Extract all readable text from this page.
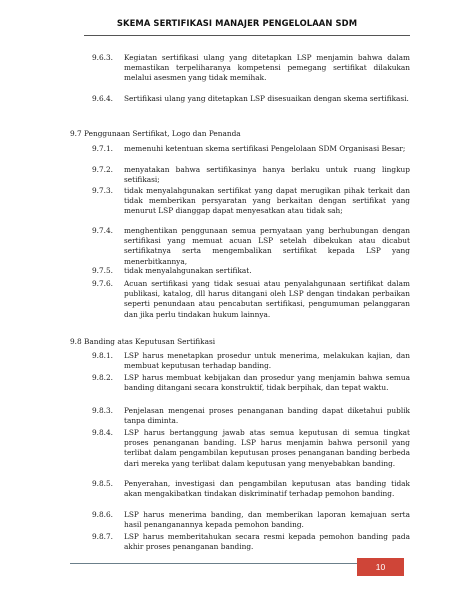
SKEMA SERTIFIKASI MANAJER PENGELOLAAN SDM
9.6.3. Kegiatan sertifikasi ulang yang ditetapkan LSP menjamin bahwa dalam memastikan terpeliharanya kompetensi pemegang sertifikat dilakukan melalui asesmen yang tidak memihak.

9.6.4. Sertifikasi ulang yang ditetapkan LSP disesuaikan dengan skema sertifikasi.

9.7 Penggunaan Sertifikat, Logo dan Penanda
9.7.1. memenuhi ketentuan skema sertifikasi Pengelolaan SDM Organisasi Besar;

9.7.2. menyatakan bahwa sertifikasinya hanya berlaku untuk ruang lingkup setifikasi;

9.7.3. tidak menyalahgunakan sertifikat yang dapat merugikan pihak terkait dan tidak memberikan persyaratan yang berkaitan dengan sertifikat yang menurut LSP dianggap dapat menyesatkan atau tidak sah;

9.7.4. menghentikan penggunaan semua pernyataan yang berhubungan dengan sertifikasi yang memuat acuan LSP setelah dibekukan atau dicabut sertifikatnya serta mengembalikan sertifikat kepada LSP yang menerbitkannya,

9.7.5. tidak menyalahgunakan sertifikat.

9.7.6. Acuan sertifikasi yang tidak sesuai atau penyalahgunaan sertifikat dalam publikasi, katalog, dll harus ditangani oleh LSP dengan tindakan perbaikan seperti penundaan atau pencabutan sertifikasi, pengumuman pelanggaran dan jika perlu tindakan hukum lainnya.

9.8 Banding atas Keputusan Sertifikasi
9.8.1. LSP harus menetapkan prosedur untuk menerima, melakukan kajian, dan membuat keputusan terhadap banding.

9.8.2. LSP harus membuat kebijakan dan prosedur yang menjamin bahwa semua banding ditangani secara konstruktif, tidak berpihak, dan tepat waktu.

9.8.3. Penjelasan mengenai proses penanganan banding dapat diketahui publik tanpa diminta.

9.8.4. LSP harus bertanggung jawab atas semua keputusan di semua tingkat proses penanganan banding. LSP harus menjamin bahwa personil yang terlibat dalam pengambilan keputusan proses penanganan banding berbeda dari mereka yang terlibat dalam keputusan yang menyebabkan banding.

9.8.5. Penyerahan, investigasi dan pengambilan keputusan atas banding tidak akan mengakibatkan tindakan diskriminatif terhadap pemohon banding.

9.8.6. LSP harus menerima banding, dan memberikan laporan kemajuan serta hasil penanganannya kepada pemohon banding.

9.8.7. LSP harus memberitahukan secara resmi kepada pemohon banding pada akhir proses penanganan banding.

10
